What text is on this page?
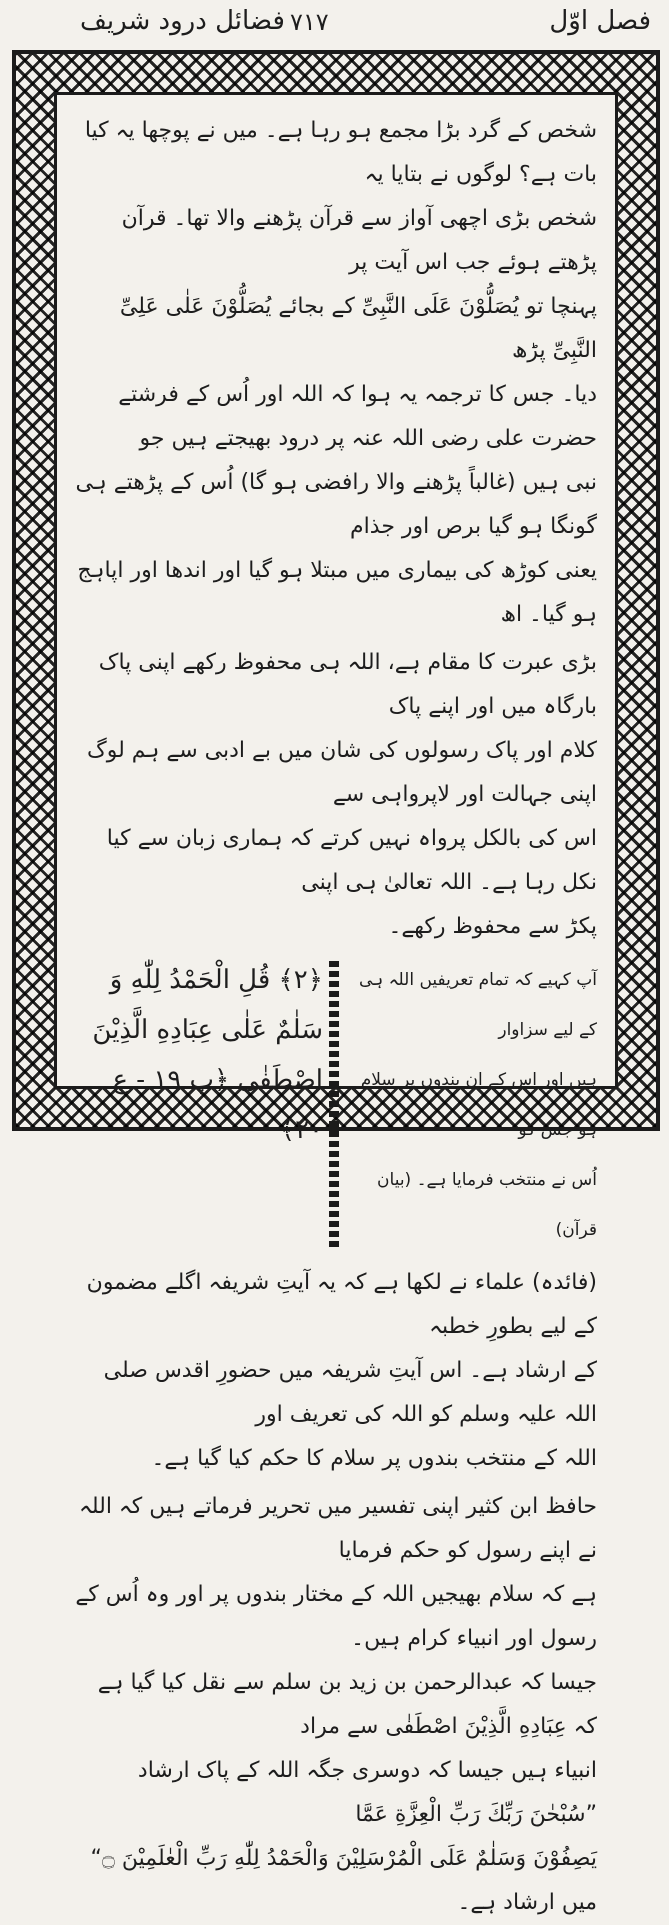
فصل اوّل
۷۱۷
فضائل درود شریف
شخص کے گرد بڑا مجمع ہو رہا ہے۔ میں نے پوچھا یہ کیا بات ہے؟ لوگوں نے بتایا یہ
شخص بڑی اچھی آواز سے قرآن پڑھنے والا تھا۔ قرآن پڑھتے ہوئے جب اس آیت پر
پہنچا تو یُصَلُّوْنَ عَلَى النَّبِیِّ کے بجائے یُصَلُّوْنَ عَلٰی عَلِیِّ النَّبِیِّ پڑھ
دیا۔ جس کا ترجمہ یہ ہوا کہ اللہ اور اُس کے فرشتے حضرت علی رضی اللہ عنہ پر درود بھیجتے ہیں جو
نبی ہیں (غالباً پڑھنے والا رافضی ہو گا) اُس کے پڑھتے ہی گونگا ہو گیا برص اور جذام
یعنی کوڑھ کی بیماری میں مبتلا ہو گیا اور اندھا اور اپاہج ہو گیا۔ اھ
بڑی عبرت کا مقام ہے، اللہ ہی محفوظ رکھے اپنی پاک بارگاہ میں اور اپنے پاک
کلام اور پاک رسولوں کی شان میں بے ادبی سے ہم لوگ اپنی جہالت اور لاپرواہی سے
اس کی بالکل پرواہ نہیں کرتے کہ ہماری زبان سے کیا نکل رہا ہے۔ اللہ تعالیٰ ہی اپنی
پکڑ سے محفوظ رکھے۔
آپ کہیے کہ تمام تعریفیں اللہ ہی کے لیے سزاوار
ہیں اور اس کے ان بندوں پر سلام ہو جس کو
اُس نے منتخب فرمایا ہے۔ (بیان قرآن)
﴿۲﴾ قُلِ الْحَمْدُ لِلّٰهِ وَ
سَلٰمٌ عَلٰى عِبَادِهِ الَّذِيْنَ
اصْطَفٰى ﴿پ ۱۹ - ع ۲۰﴾
(فائدہ) علماء نے لکھا ہے کہ یہ آیتِ شریفہ اگلے مضمون کے لیے بطورِ خطبہ
کے ارشاد ہے۔ اس آیتِ شریفہ میں حضورِ اقدس صلی اللہ علیہ وسلم کو اللہ کی تعریف اور
اللہ کے منتخب بندوں پر سلام کا حکم کیا گیا ہے۔
حافظ ابن کثیر اپنی تفسیر میں تحریر فرماتے ہیں کہ اللہ نے اپنے رسول کو حکم فرمایا
ہے کہ سلام بھیجیں اللہ کے مختار بندوں پر اور وہ اُس کے رسول اور انبیاء کرام ہیں۔
جیسا کہ عبدالرحمن بن زید بن سلم سے نقل کیا گیا ہے کہ عِبَادِهِ الَّذِيْنَ اصْطَفٰى سے مراد
انبیاء ہیں جیسا کہ دوسری جگہ اللہ کے پاک ارشاد ”سُبْحٰنَ رَبِّكَ رَبِّ الْعِزَّةِ عَمَّا
يَصِفُوْنَ وَسَلٰمٌ عَلَى الْمُرْسَلِيْنَ وَالْحَمْدُ لِلّٰهِ رَبِّ الْعٰلَمِيْنَ ۝“ میں ارشاد ہے۔
